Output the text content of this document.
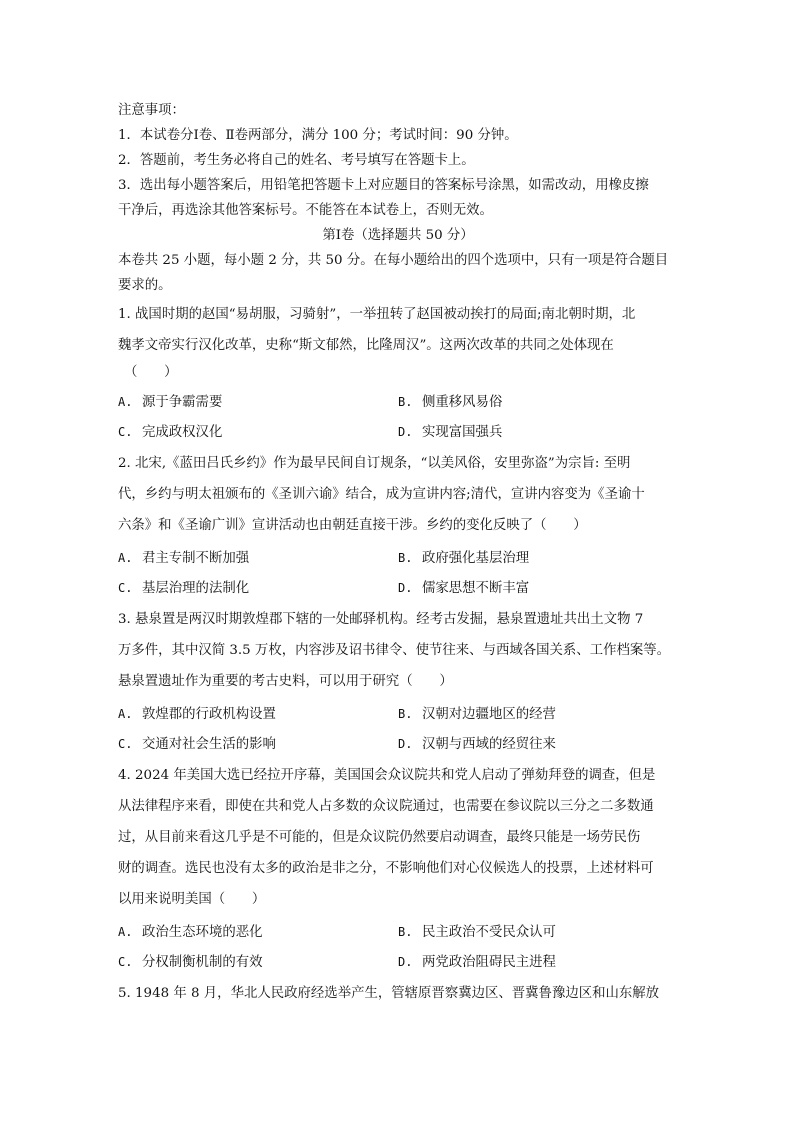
注意事项：

1．本试卷分Ⅰ卷、Ⅱ卷两部分，满分 100 分；考试时间：90 分钟。

2．答题前，考生务必将自己的姓名、考号填写在答题卡上。

3．选出每小题答案后，用铅笔把答题卡上对应题目的答案标号涂黑，如需改动，用橡皮擦

干净后，再选涂其他答案标号。不能答在本试卷上，否则无效。

第Ⅰ卷（选择题共 50 分）

本卷共 25 小题，每小题 2 分，共 50 分。在每小题给出的四个选项中，只有一项是符合题目

要求的。

1. 战国时期的赵国“易胡服，习骑射”，一举扭转了赵国被动挨打的局面;南北朝时期，北

魏孝文帝实行汉化改革，史称“斯文郁然，比隆周汉”。这两次改革的共同之处体现在

（　　）

A. 源于争霸需要	B. 侧重移风易俗
C. 完成政权汉化	D. 实现富国强兵

2. 北宋,《蓝田吕氏乡约》作为最早民间自订规条，“以美风俗，安里弥盗”为宗旨: 至明

代，乡约与明太祖颁布的《圣训六谕》结合，成为宣讲内容;清代，宣讲内容变为《圣谕十

六条》和《圣谕广训》宣讲活动也由朝廷直接干涉。乡约的变化反映了（　　）

A. 君主专制不断加强	B. 政府强化基层治理
C. 基层治理的法制化	D. 儒家思想不断丰富

3. 悬泉置是两汉时期敦煌郡下辖的一处邮驿机构。经考古发掘，悬泉置遗址共出土文物 7

万多件，其中汉简 3.5 万枚，内容涉及诏书律令、使节往来、与西域各国关系、工作档案等。

悬泉置遗址作为重要的考古史料，可以用于研究（　　）

A. 敦煌郡的行政机构设置	B. 汉朝对边疆地区的经营
C. 交通对社会生活的影响	D. 汉朝与西域的经贸往来

4. 2024 年美国大选已经拉开序幕，美国国会众议院共和党人启动了弹劾拜登的调查，但是

从法律程序来看，即使在共和党人占多数的众议院通过，也需要在参议院以三分之二多数通

过，从目前来看这几乎是不可能的，但是众议院仍然要启动调查，最终只能是一场劳民伤

财的调查。选民也没有太多的政治是非之分，不影响他们对心仪候选人的投票，上述材料可

以用来说明美国（　　）

A. 政治生态环境的恶化	B. 民主政治不受民众认可
C. 分权制衡机制的有效	D. 两党政治阻碍民主进程

5. 1948 年 8 月，华北人民政府经选举产生，管辖原晋察冀边区、晋冀鲁豫边区和山东解放
